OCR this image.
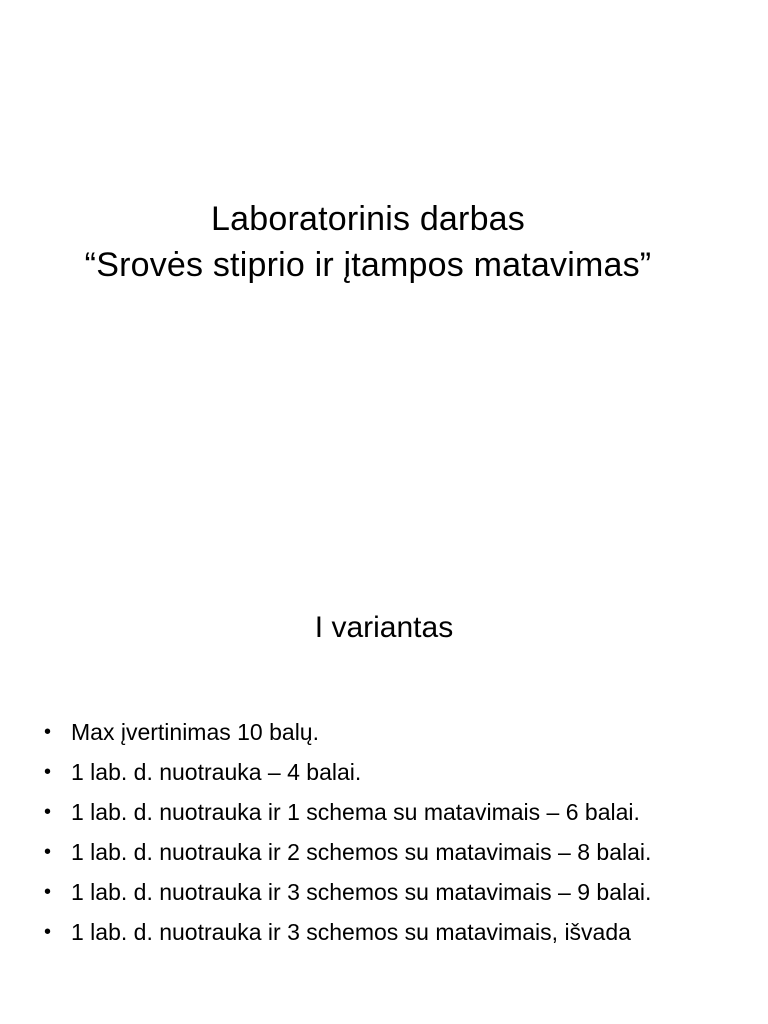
Laboratorinis darbas
“Srovės stiprio ir įtampos matavimas”
I variantas
• Max įvertinimas 10 balų.
• 1 lab. d. nuotrauka – 4 balai.
• 1 lab. d. nuotrauka ir 1 schema su matavimais – 6 balai.
• 1 lab. d. nuotrauka ir 2 schemos su matavimais – 8 balai.
• 1 lab. d. nuotrauka ir 3 schemos su matavimais – 9 balai.
• 1 lab. d. nuotrauka ir 3 schemos su matavimais, išvada
